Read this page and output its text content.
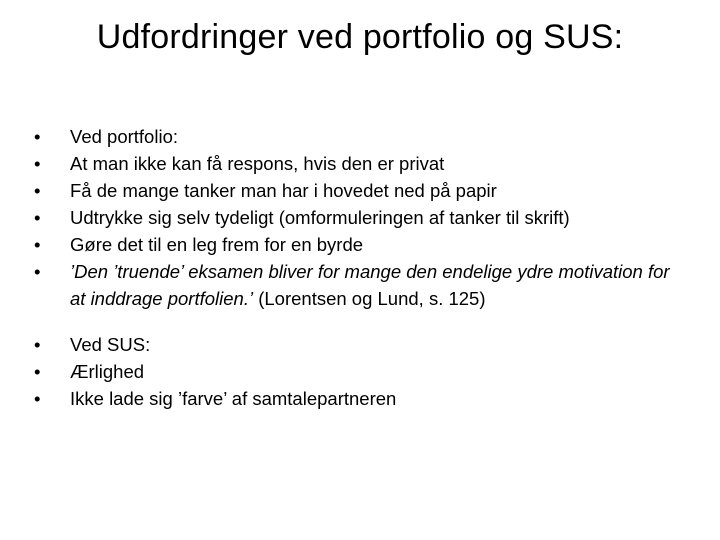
Udfordringer ved portfolio og SUS:
•	Ved portfolio:
•	At man ikke kan få respons, hvis den er privat
•	Få de mange tanker man har i hovedet ned på papir
•	Udtrykke sig selv tydeligt (omformuleringen af tanker til skrift)
•	Gøre det til en leg frem for en byrde
•	’Den ’truende’ eksamen bliver for mange den endelige ydre motivation for at inddrage portfolien.’ (Lorentsen og Lund, s. 125)
•	Ved SUS:
•	Ærlighed
•	Ikke lade sig ’farve’ af samtalepartneren
